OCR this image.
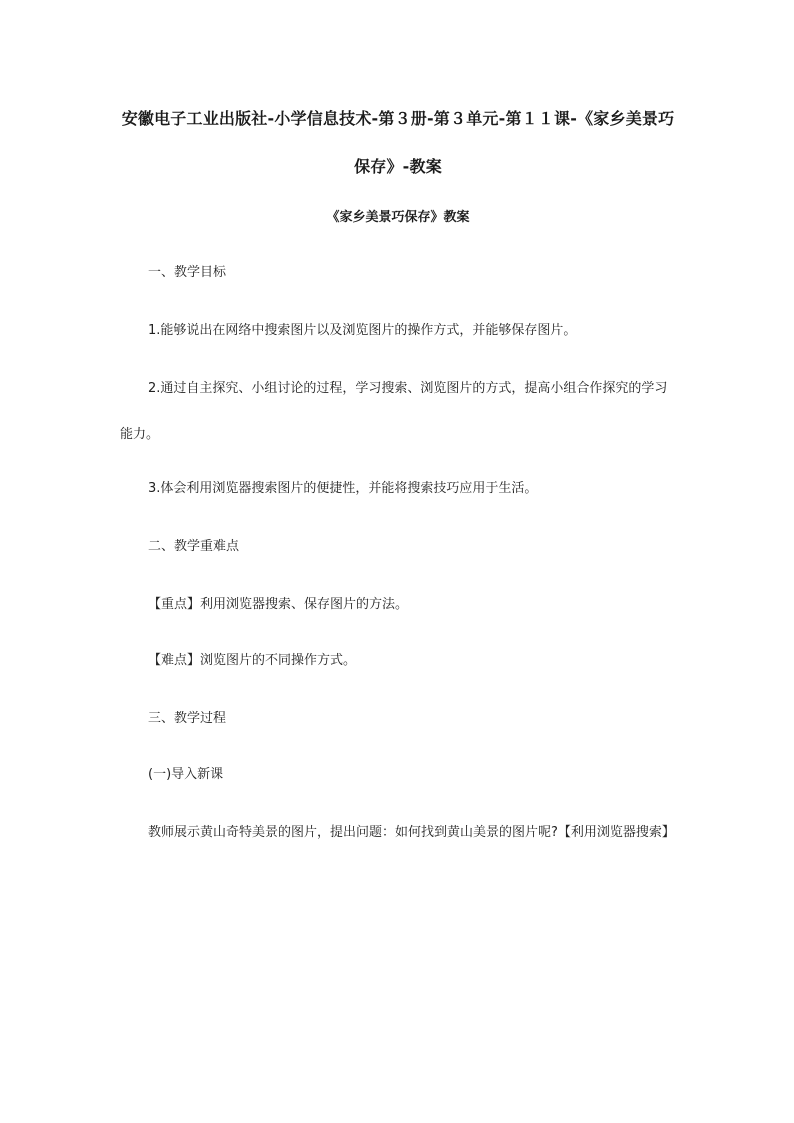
安徽电子工业出版社-小学信息技术-第３册-第３单元-第１１课-《家乡美景巧保存》-教案
《家乡美景巧保存》教案

一、教学目标

1.能够说出在网络中搜索图片以及浏览图片的操作方式，并能够保存图片。

2.通过自主探究、小组讨论的过程，学习搜索、浏览图片的方式，提高小组合作探究的学习能力。

3.体会利用浏览器搜索图片的便捷性，并能将搜索技巧应用于生活。

二、教学重难点

【重点】利用浏览器搜索、保存图片的方法。

【难点】浏览图片的不同操作方式。

三、教学过程

(一)导入新课

教师展示黄山奇特美景的图片，提出问题：如何找到黄山美景的图片呢?【利用浏览器搜索】
